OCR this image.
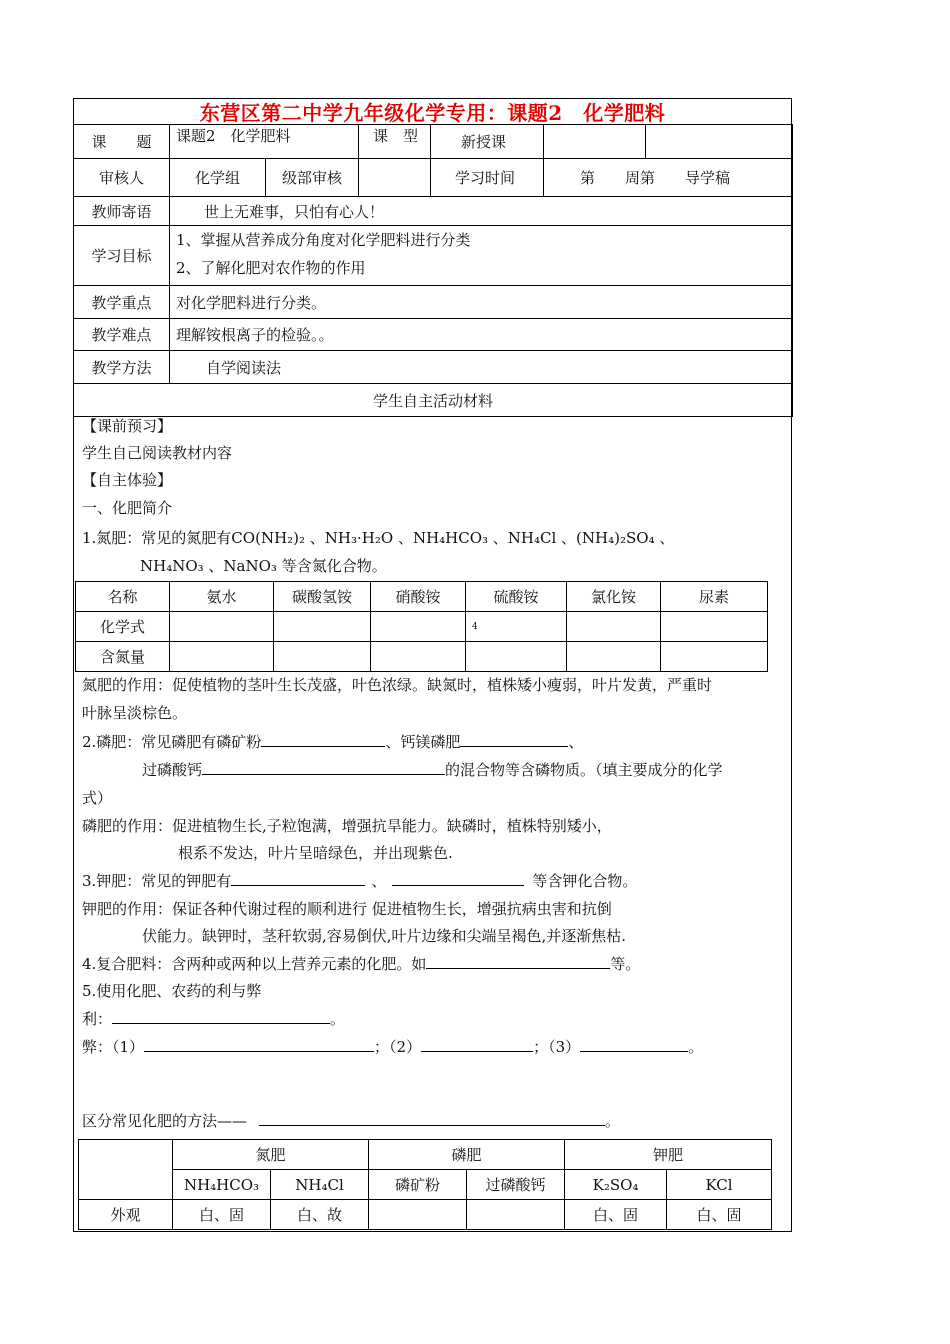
东营区第二中学九年级化学专用：课题2　化学肥料
课　　题	课题2　化学肥料		课　型	新授课		
审核人	化学组	级部审核		学习时间	第　　周第　　导学稿	
教师寄语	世上无难事，只怕有心人！					
学习目标	1、掌握从营养成分角度对化学肥料进行分类
2、了解化肥对农作物的作用					

教学重点	对化学肥料进行分类。					
教学难点	理解铵根离子的检验。。					
教学方法	自学阅读法					
学生自主活动材料						
【课前预习】
学生自己阅读教材内容
【自主体验】
一、化肥简介
1.氮肥：常见的氮肥有CO(NH₂)₂ 、NH₃·H₂O 、NH₄HCO₃ 、NH₄Cl 、(NH₄)₂SO₄ 、
NH₄NO₃ 、NaNO₃ 等含氮化合物。
名称	氨水	碳酸氢铵	硝酸铵	硫酸铵	氯化铵	尿素
化学式				4		
含氮量						
氮肥的作用：促使植物的茎叶生长茂盛，叶色浓绿。缺氮时，植株矮小瘦弱，叶片发黄，严重时
叶脉呈淡棕色。
2.磷肥：常见磷肥有磷矿粉	、钙镁磷肥	、
过磷酸钙	的混合物等含磷物质。（填主要成分的化学
式）
磷肥的作用：促进植物生长,子粒饱满，增强抗旱能力。缺磷时，植株特别矮小，
根系不发达，叶片呈暗绿色，并出现紫色.
3.钾肥：常见的钾肥有	、	等含钾化合物。
钾肥的作用：保证各种代谢过程的顺利进行 促进植物生长，增强抗病虫害和抗倒
伏能力。缺钾时，茎秆软弱,容易倒伏,叶片边缘和尖端呈褐色,并逐渐焦枯.
4.复合肥料：含两种或两种以上营养元素的化肥。如	等。
5.使用化肥、农药的利与弊
利：	。
弊：（1）	；（2）	；（3）	。
区分常见化肥的方法——	。
	氮肥		磷肥		钾肥	
	NH₄HCO₃	NH₄Cl	磷矿粉	过磷酸钙	K₂SO₄	KCl
外观	白、固	白、故			白、固	白、固
